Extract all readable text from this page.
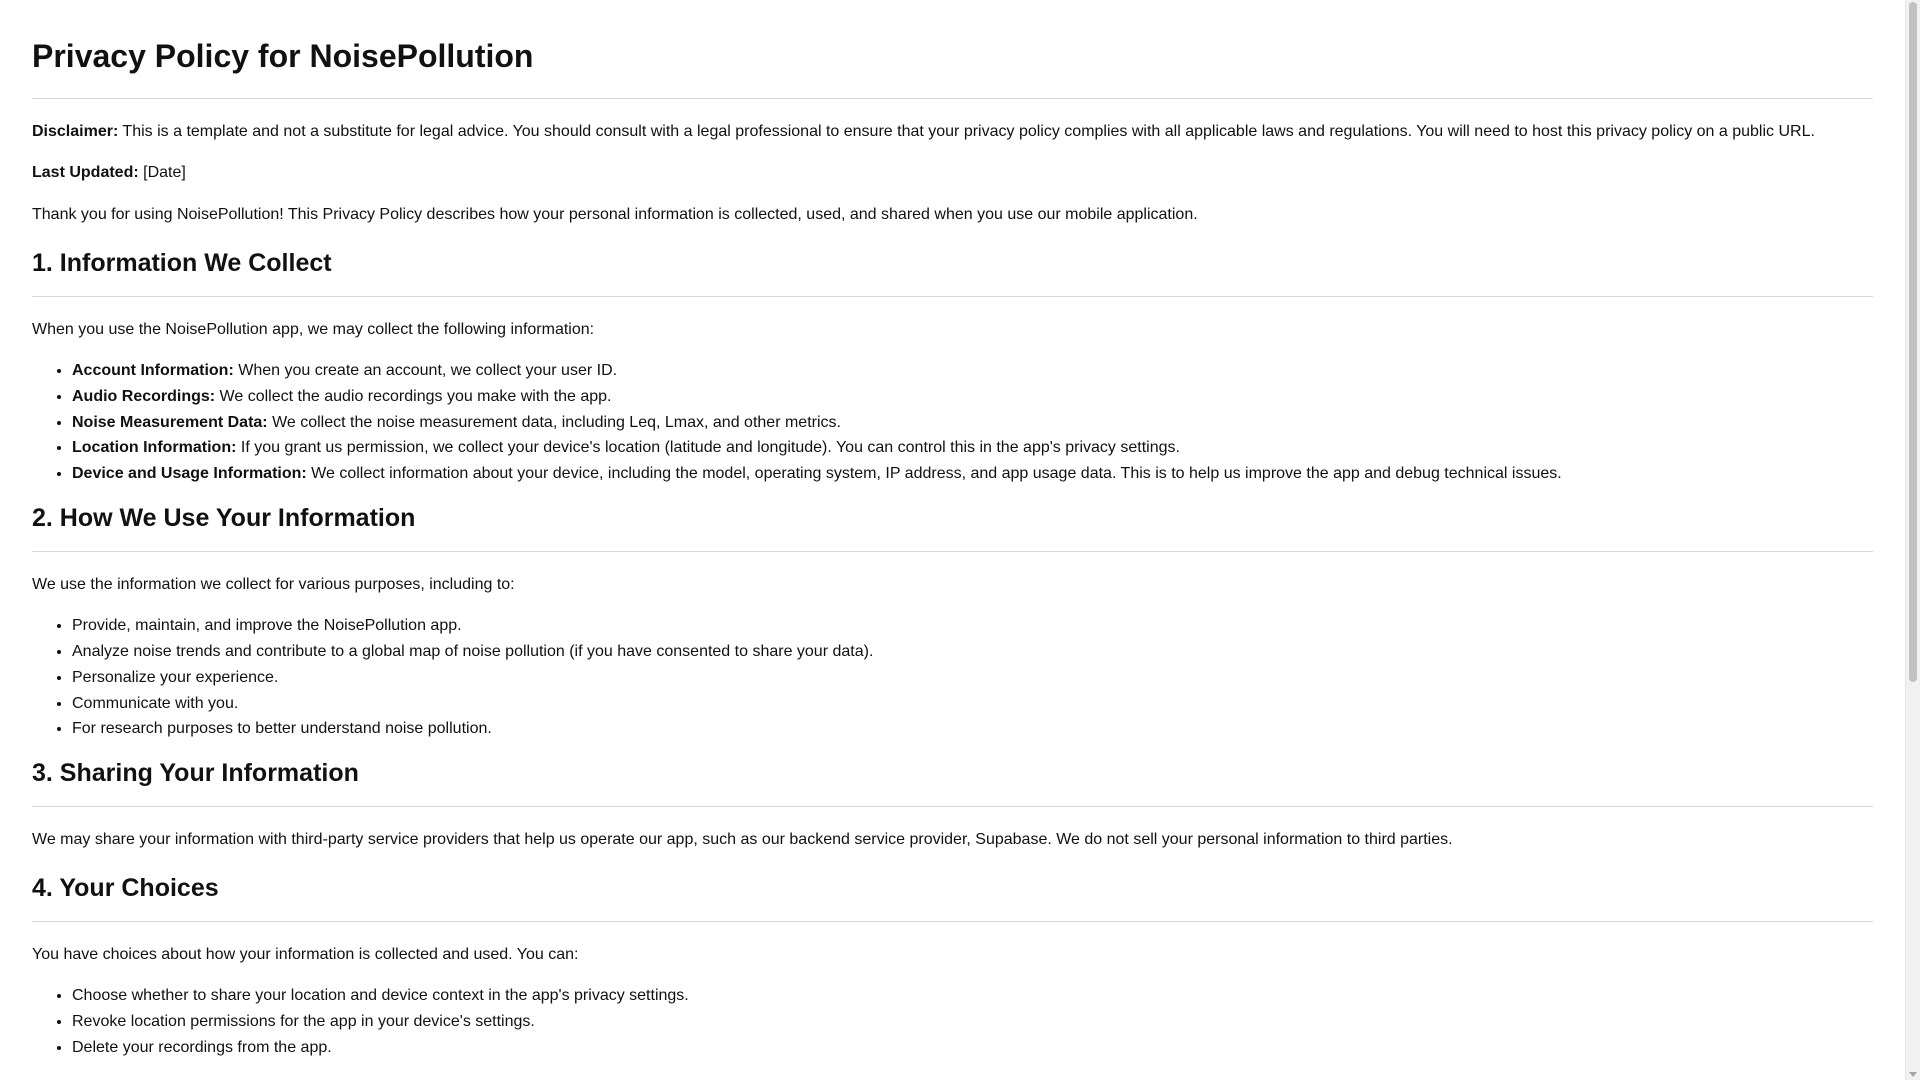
Privacy Policy for NoisePollution

Disclaimer: This is a template and not a substitute for legal advice. You should consult with a legal professional to ensure that your privacy policy complies with all applicable laws and regulations. You will need to host this privacy policy on a public URL.

Last Updated: [Date]

Thank you for using NoisePollution! This Privacy Policy describes how your personal information is collected, used, and shared when you use our mobile application.

1. Information We Collect

When you use the NoisePollution app, we may collect the following information:

• Account Information: When you create an account, we collect your user ID.
• Audio Recordings: We collect the audio recordings you make with the app.
• Noise Measurement Data: We collect the noise measurement data, including Leq, Lmax, and other metrics.
• Location Information: If you grant us permission, we collect your device's location (latitude and longitude). You can control this in the app's privacy settings.
• Device and Usage Information: We collect information about your device, including the model, operating system, IP address, and app usage data. This is to help us improve the app and debug technical issues.
2. How We Use Your Information

We use the information we collect for various purposes, including to:

• Provide, maintain, and improve the NoisePollution app.
• Analyze noise trends and contribute to a global map of noise pollution (if you have consented to share your data).
• Personalize your experience.
• Communicate with you.
• For research purposes to better understand noise pollution.
3. Sharing Your Information

We may share your information with third-party service providers that help us operate our app, such as our backend service provider, Supabase. We do not sell your personal information to third parties.

4. Your Choices

You have choices about how your information is collected and used. You can:

• Choose whether to share your location and device context in the app's privacy settings.
• Revoke location permissions for the app in your device's settings.
• Delete your recordings from the app.
